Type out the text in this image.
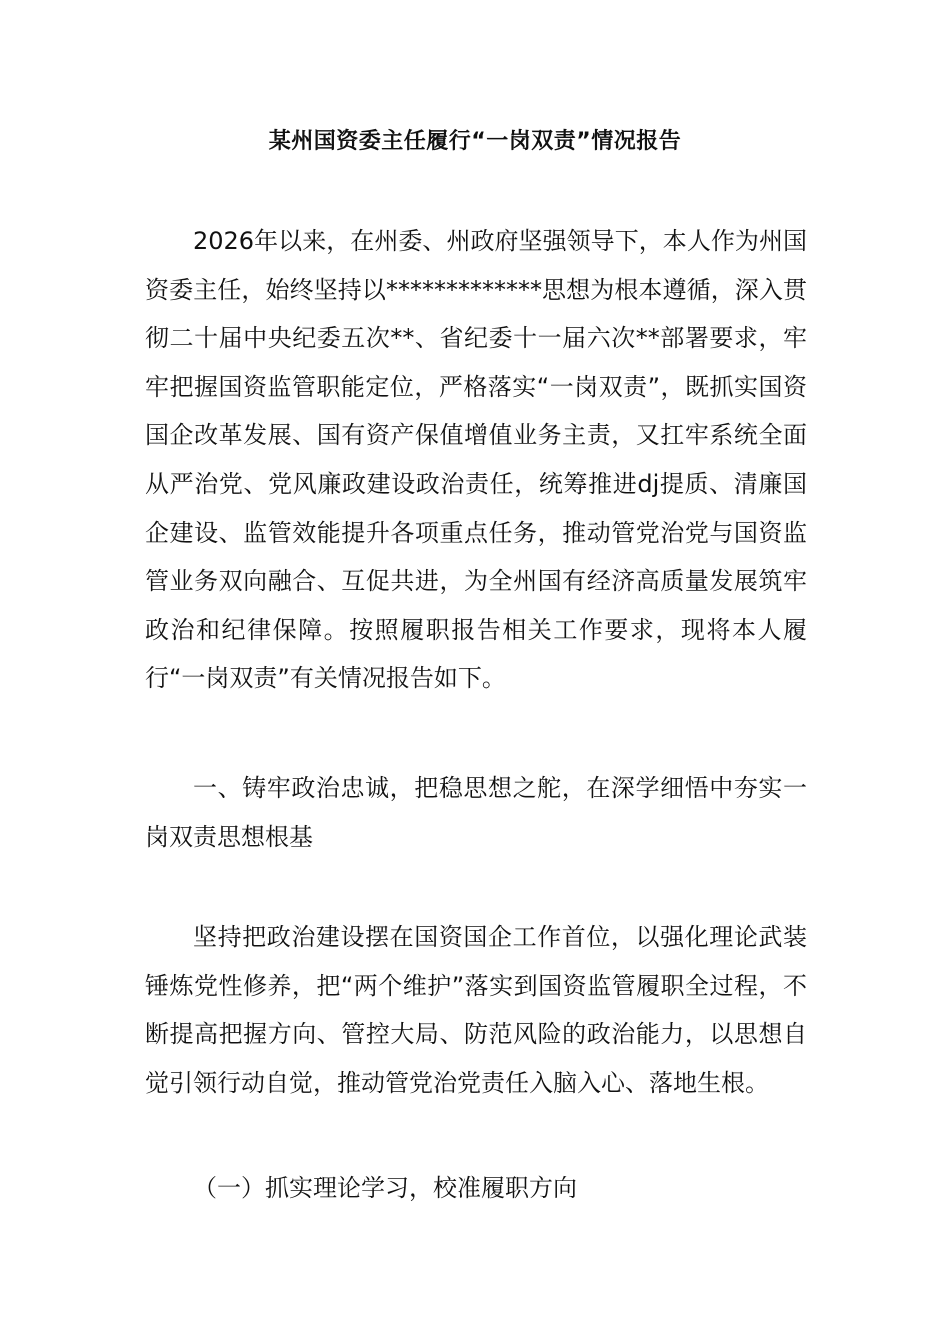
某州国资委主任履行“一岗双责”情况报告

2026年以来，在州委、州政府坚强领导下，本人作为州国资委主任，始终坚持以*************思想为根本遵循，深入贯彻二十届中央纪委五次**、省纪委十一届六次**部署要求，牢牢把握国资监管职能定位，严格落实“一岗双责”，既抓实国资国企改革发展、国有资产保值增值业务主责，又扛牢系统全面从严治党、党风廉政建设政治责任，统筹推进dj提质、清廉国企建设、监管效能提升各项重点任务，推动管党治党与国资监管业务双向融合、互促共进，为全州国有经济高质量发展筑牢政治和纪律保障。按照履职报告相关工作要求，现将本人履行“一岗双责”有关情况报告如下。

一、铸牢政治忠诚，把稳思想之舵，在深学细悟中夯实一岗双责思想根基

坚持把政治建设摆在国资国企工作首位，以强化理论武装锤炼党性修养，把“两个维护”落实到国资监管履职全过程，不断提高把握方向、管控大局、防范风险的政治能力，以思想自觉引领行动自觉，推动管党治党责任入脑入心、落地生根。

（一）抓实理论学习，校准履职方向
